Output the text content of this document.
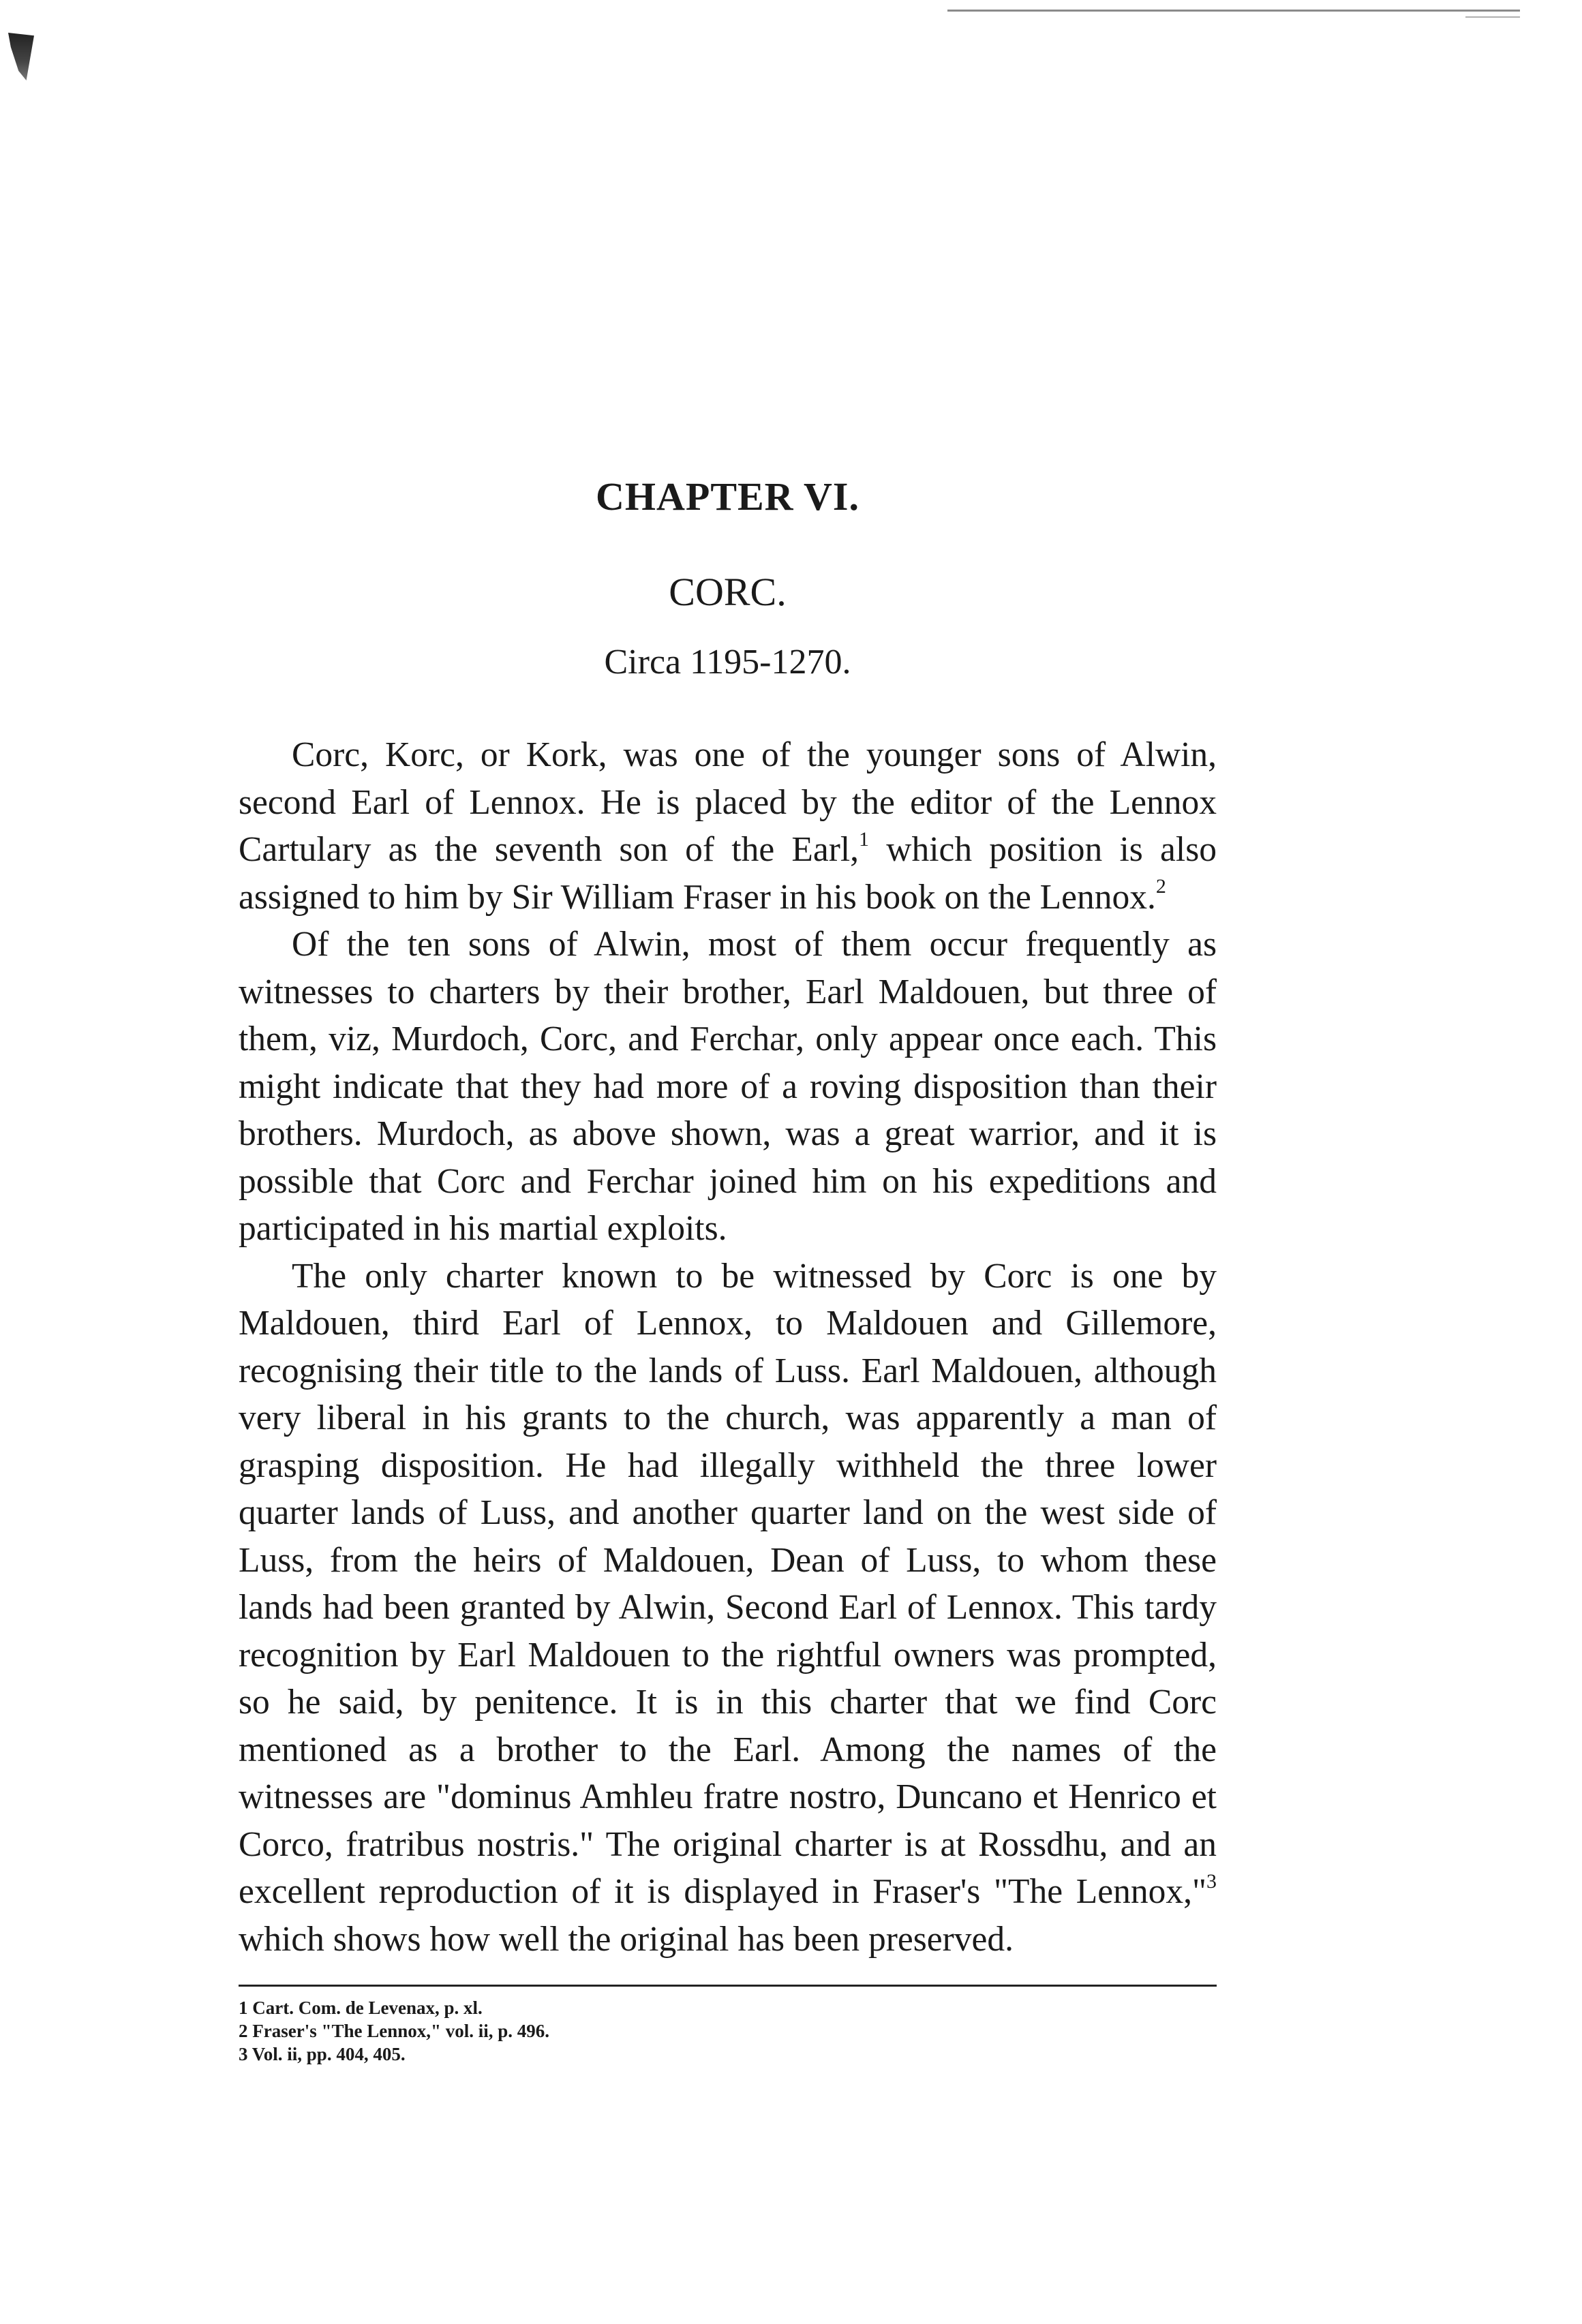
CHAPTER VI.
CORC.
Circa 1195-1270.

Corc, Korc, or Kork, was one of the younger sons of Alwin, second Earl of Lennox. He is placed by the editor of the Lennox Cartulary as the seventh son of the Earl,$^1$ which position is also assigned to him by Sir William Fraser in his book on the Lennox.$^2$

Of the ten sons of Alwin, most of them occur frequently as witnesses to charters by their brother, Earl Maldouen, but three of them, viz, Murdoch, Corc, and Ferchar, only appear once each. This might indicate that they had more of a roving disposition than their brothers. Murdoch, as above shown, was a great warrior, and it is possible that Corc and Ferchar joined him on his expeditions and participated in his martial exploits.

The only charter known to be witnessed by Corc is one by Maldouen, third Earl of Lennox, to Maldouen and Gillemore, recognising their title to the lands of Luss. Earl Maldouen, although very liberal in his grants to the church, was apparently a man of grasping disposition. He had illegally withheld the three lower quarter lands of Luss, and another quarter land on the west side of Luss, from the heirs of Maldouen, Dean of Luss, to whom these lands had been granted by Alwin, Second Earl of Lennox. This tardy recognition by Earl Maldouen to the rightful owners was prompted, so he said, by penitence. It is in this charter that we find Corc mentioned as a brother to the Earl. Among the names of the witnesses are "dominus Amhleu fratre nostro, Duncano et Henrico et Corco, fratribus nostris." The original charter is at Rossdhu, and an excellent reproduction of it is displayed in Fraser's "The Lennox,"$^3$ which shows how well the original has been preserved.

1 Cart. Com. de Levenax, p. xl.

2 Fraser's "The Lennox," vol. ii, p. 496.

3 Vol. ii, pp. 404, 405.
